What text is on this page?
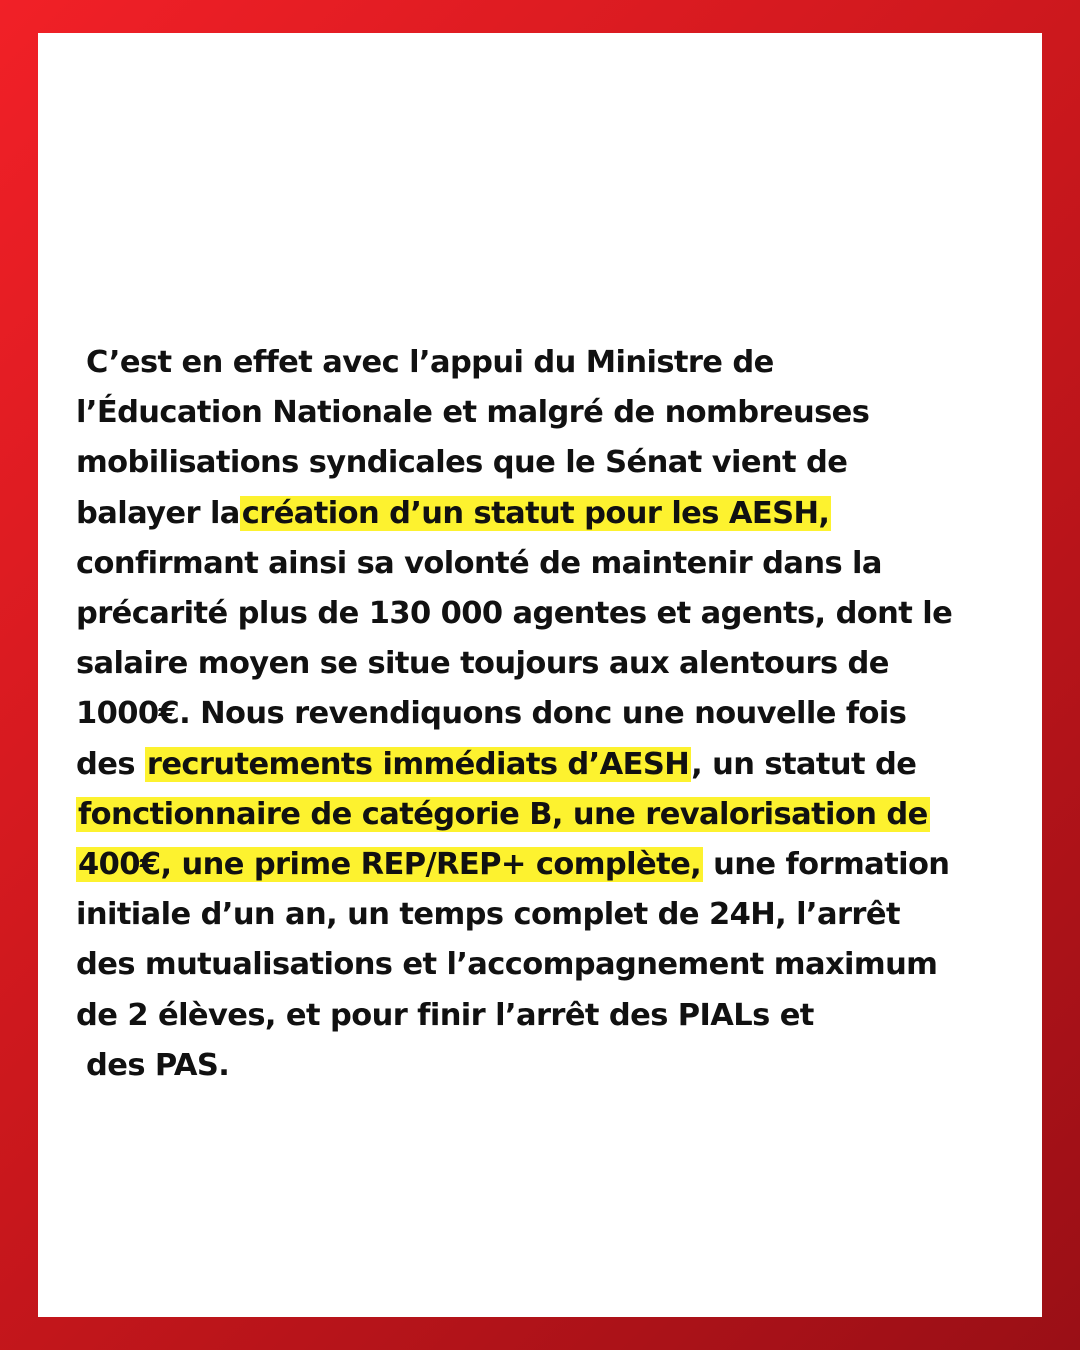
C’est en effet avec l’appui du Ministre de
l’Éducation Nationale et malgré de nombreuses
mobilisations syndicales que le Sénat vient de
balayer lacréation d’un statut pour les AESH,
confirmant ainsi sa volonté de maintenir dans la
précarité plus de 130 000 agentes et agents, dont le
salaire moyen se situe toujours aux alentours de
1000€. Nous revendiquons donc une nouvelle fois
des recrutements immédiats d’AESH, un statut de
fonctionnaire de catégorie B, une revalorisation de
400€, une prime REP/REP+ complète, une formation
initiale d’un an, un temps complet de 24H, l’arrêt
des mutualisations et l’accompagnement maximum
de 2 élèves, et pour finir l’arrêt des PIALs et
des PAS.
